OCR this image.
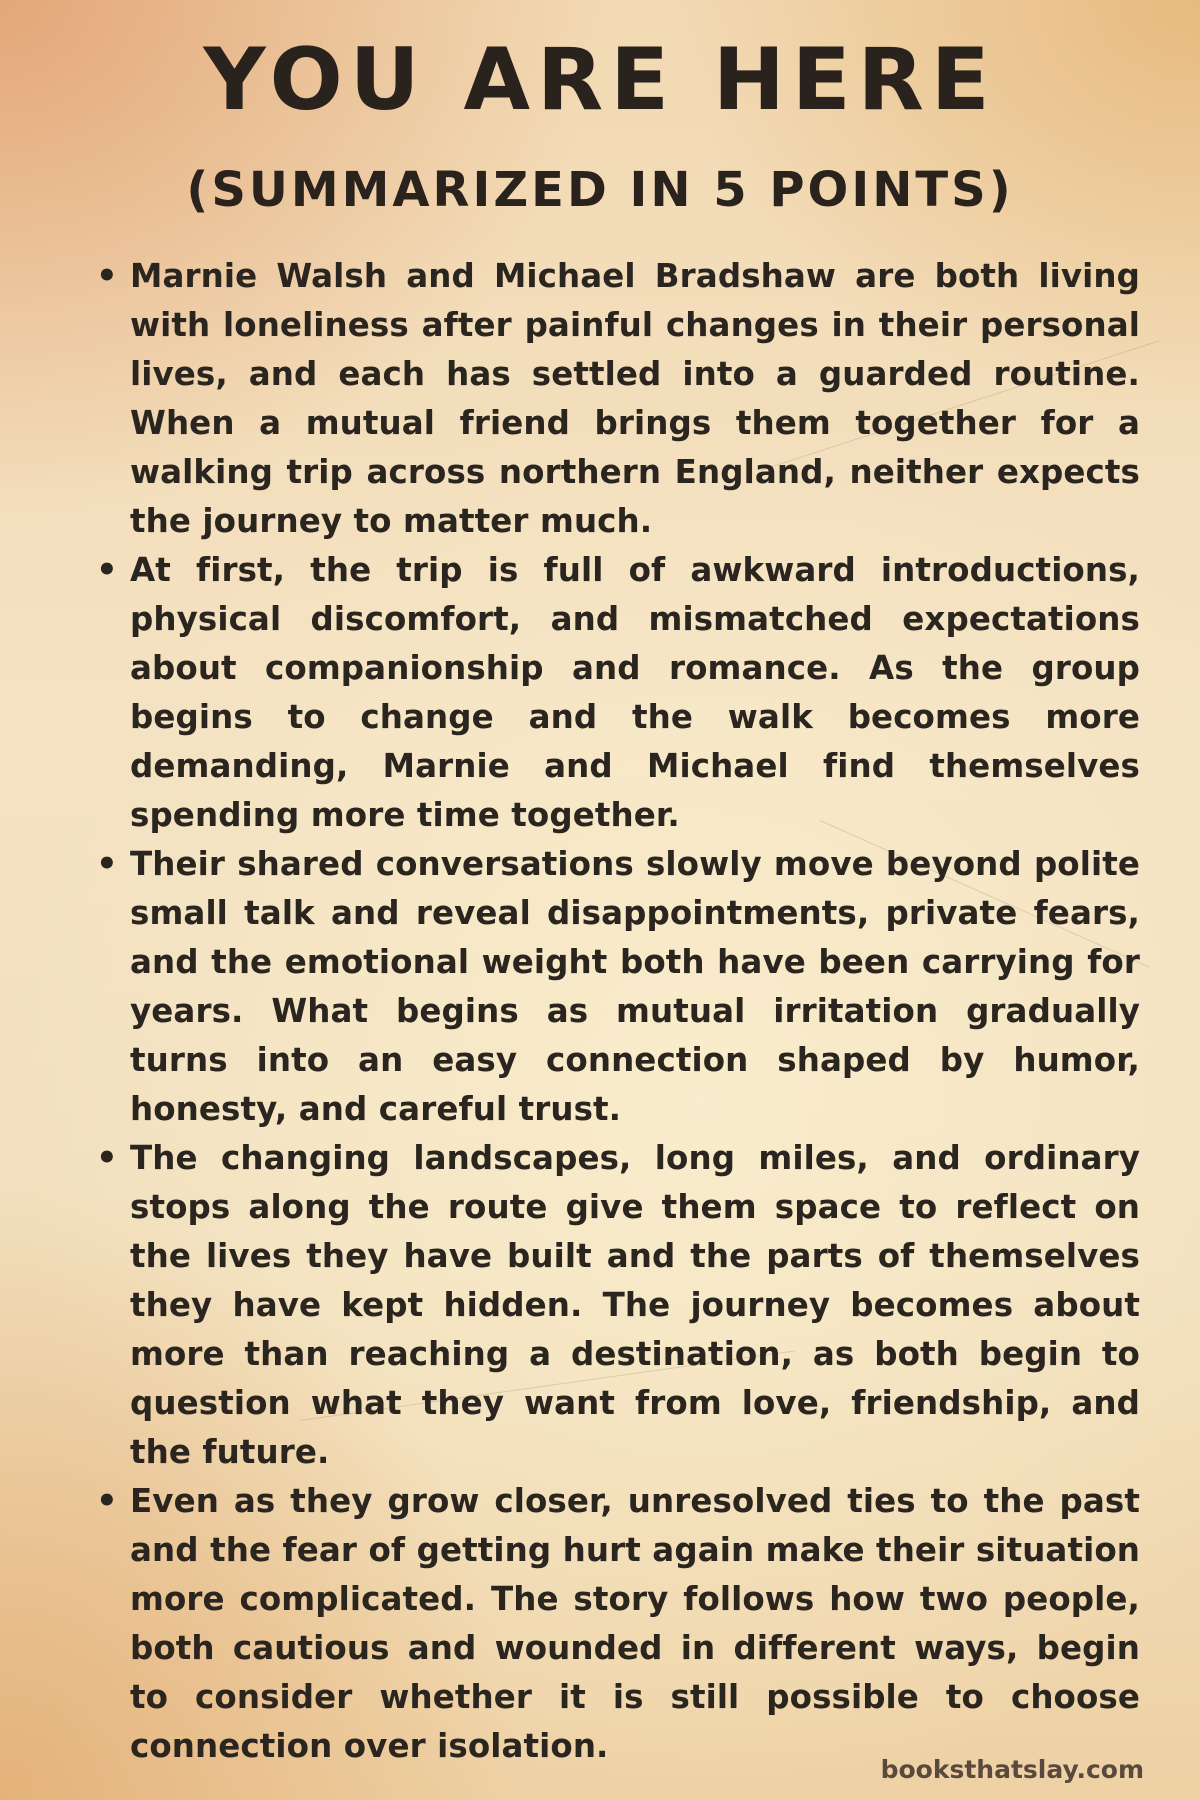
YOU ARE HERE
(SUMMARIZED IN 5 POINTS)
• Marnie Walsh and Michael Bradshaw are both living with loneliness after painful changes in their personal lives, and each has settled into a guarded routine. When a mutual friend brings them together for a walking trip across northern England, neither expects the journey to matter much.
• At first, the trip is full of awkward introductions, physical discomfort, and mismatched expectations about companionship and romance. As the group begins to change and the walk becomes more demanding, Marnie and Michael find themselves spending more time together.
• Their shared conversations slowly move beyond polite small talk and reveal disappointments, private fears, and the emotional weight both have been carrying for years. What begins as mutual irritation gradually turns into an easy connection shaped by humor, honesty, and careful trust.
• The changing landscapes, long miles, and ordinary stops along the route give them space to reflect on the lives they have built and the parts of themselves they have kept hidden. The journey becomes about more than reaching a destination, as both begin to question what they want from love, friendship, and the future.
• Even as they grow closer, unresolved ties to the past and the fear of getting hurt again make their situation more complicated. The story follows how two people, both cautious and wounded in different ways, begin to consider whether it is still possible to choose connection over isolation.

booksthatslay.com
